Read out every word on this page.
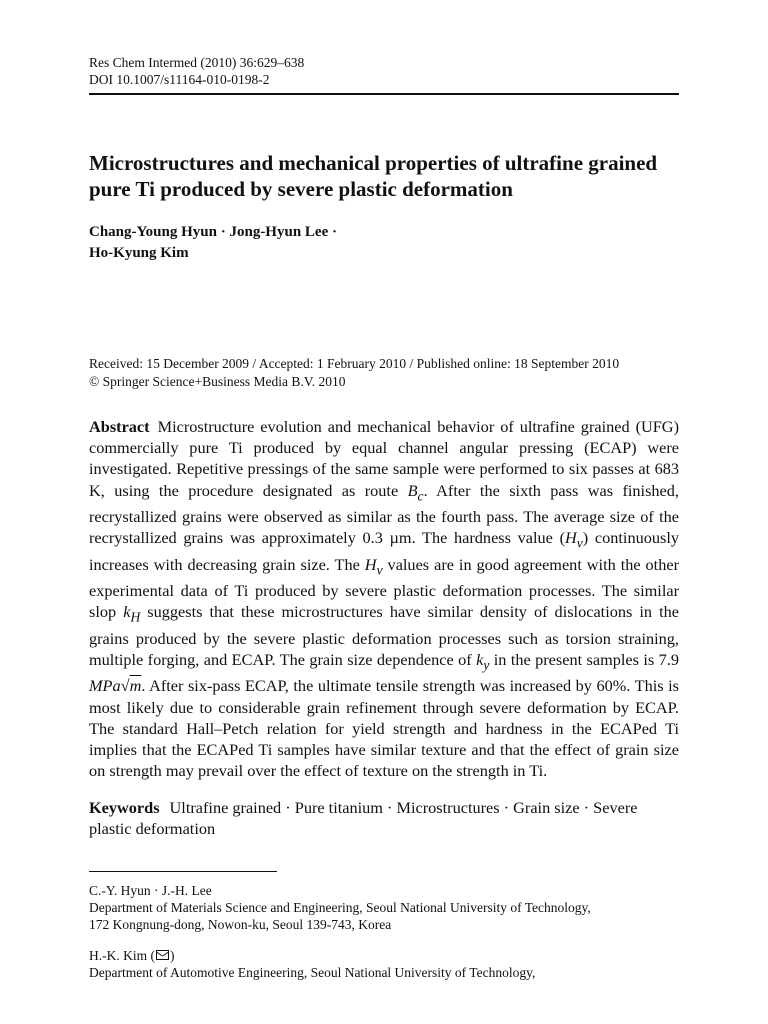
Res Chem Intermed (2010) 36:629–638
DOI 10.1007/s11164-010-0198-2
Microstructures and mechanical properties of ultrafine grained pure Ti produced by severe plastic deformation
Chang-Young Hyun · Jong-Hyun Lee ·
Ho-Kyung Kim
Received: 15 December 2009 / Accepted: 1 February 2010 / Published online: 18 September 2010
© Springer Science+Business Media B.V. 2010
Abstract Microstructure evolution and mechanical behavior of ultrafine grained (UFG) commercially pure Ti produced by equal channel angular pressing (ECAP) were investigated. Repetitive pressings of the same sample were performed to six passes at 683 K, using the procedure designated as route $B_c$. After the sixth pass was finished, recrystallized grains were observed as similar as the fourth pass. The average size of the recrystallized grains was approximately 0.3 µm. The hardness value $(H_v)$ continuously increases with decreasing grain size. The $H_v$ values are in good agreement with the other experimental data of Ti produced by severe plastic deformation processes. The similar slop $k_H$ suggests that these microstructures have similar density of dislocations in the grains produced by the severe plastic deformation processes such as torsion straining, multiple forging, and ECAP. The grain size dependence of $k_y$ in the present samples is 7.9 MPa√m. After six-pass ECAP, the ultimate tensile strength was increased by 60%. This is most likely due to considerable grain refinement through severe deformation by ECAP. The standard Hall–Petch relation for yield strength and hardness in the ECAPed Ti implies that the ECAPed Ti samples have similar texture and that the effect of grain size on strength may prevail over the effect of texture on the strength in Ti.
Keywords Ultrafine grained · Pure titanium · Microstructures · Grain size · Severe plastic deformation
C.-Y. Hyun · J.-H. Lee
Department of Materials Science and Engineering, Seoul National University of Technology,
172 Kongnung-dong, Nowon-ku, Seoul 139-743, Korea
H.-K. Kim ( )
Department of Automotive Engineering, Seoul National University of Technology,
